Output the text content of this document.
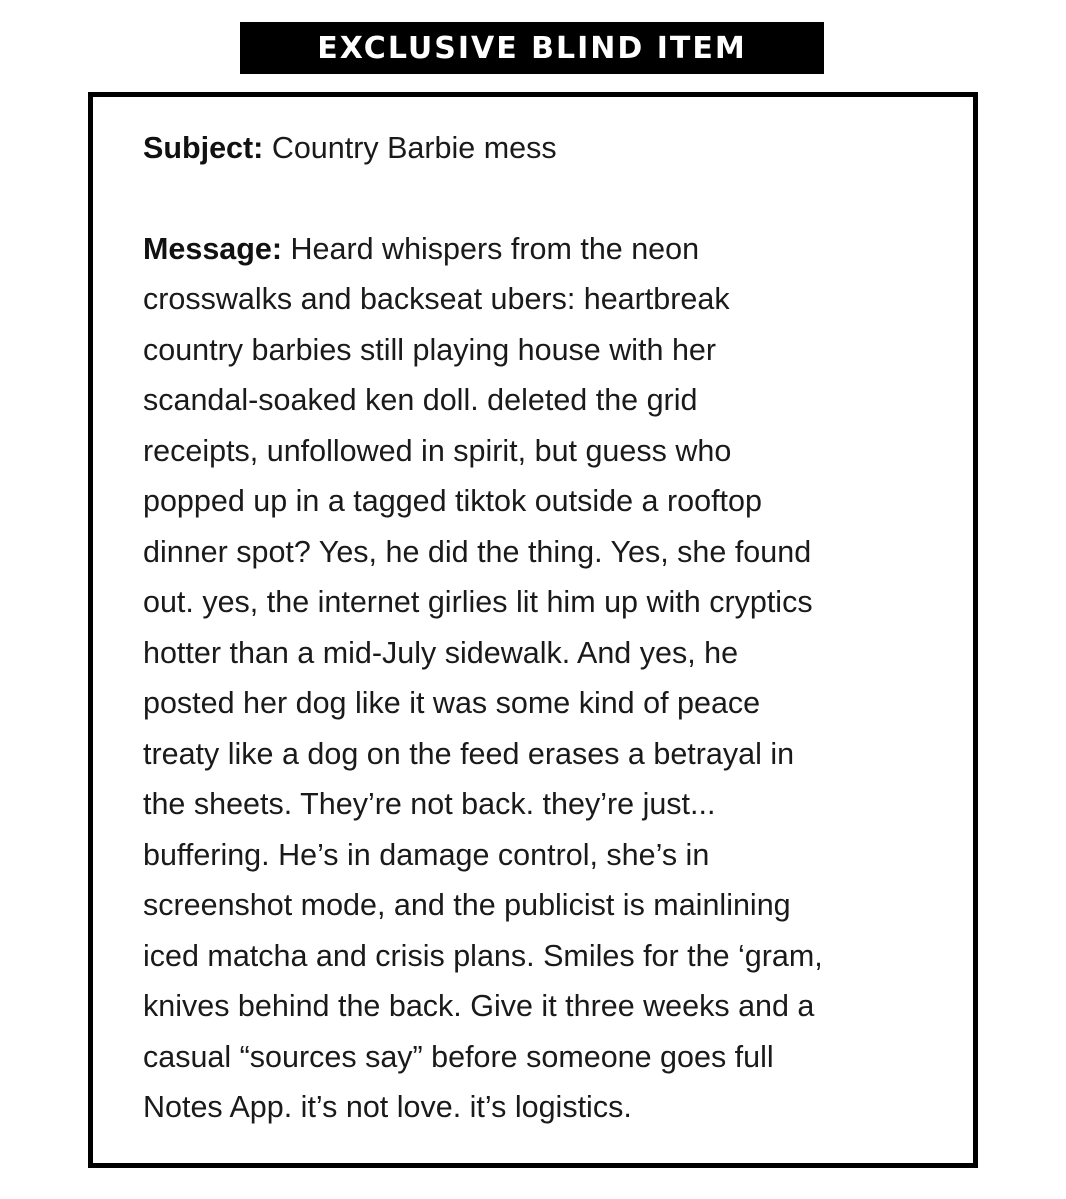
EXCLUSIVE BLIND ITEM

Subject: Country Barbie mess

Message: Heard whispers from the neon
crosswalks and backseat ubers: heartbreak
country barbies still playing house with her
scandal-soaked ken doll. deleted the grid
receipts, unfollowed in spirit, but guess who
popped up in a tagged tiktok outside a rooftop
dinner spot? Yes, he did the thing. Yes, she found
out. yes, the internet girlies lit him up with cryptics
hotter than a mid-July sidewalk. And yes, he
posted her dog like it was some kind of peace
treaty like a dog on the feed erases a betrayal in
the sheets. They’re not back. they’re just...
buffering. He’s in damage control, she’s in
screenshot mode, and the publicist is mainlining
iced matcha and crisis plans. Smiles for the ‘gram,
knives behind the back. Give it three weeks and a
casual “sources say” before someone goes full
Notes App. it’s not love. it’s logistics.
